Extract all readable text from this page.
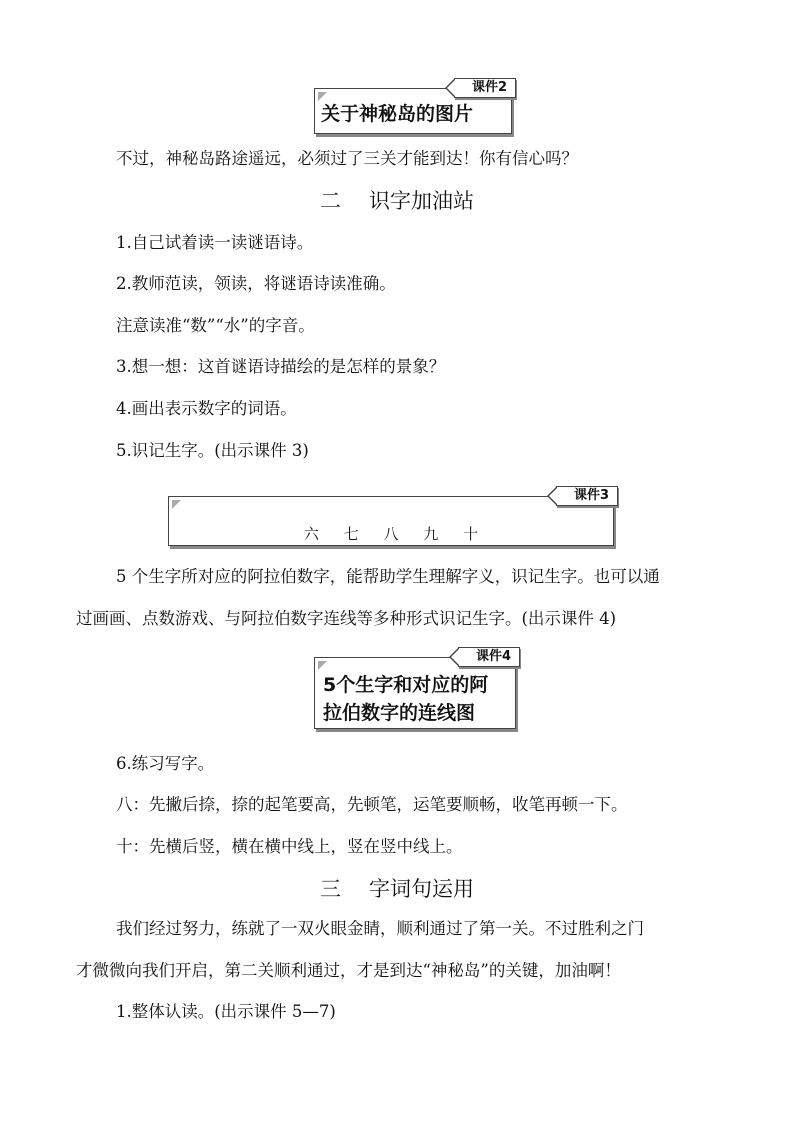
关于神秘岛的图片
课件2

不过，神秘岛路途遥远，必须过了三关才能到达！你有信心吗？

二 识字加油站

1.自己试着读一读谜语诗。

2.教师范读，领读，将谜语诗读准确。

注意读准“数”“水”的字音。

3.想一想：这首谜语诗描绘的是怎样的景象？

4.画出表示数字的词语。

5.识记生字。(出示课件 3)

六 七 八 九 十
课件3

5 个生字所对应的阿拉伯数字，能帮助学生理解字义，识记生字。也可以通

过画画、点数游戏、与阿拉伯数字连线等多种形式识记生字。(出示课件 4)

5个生字和对应的阿
拉伯数字的连线图
课件4

6.练习写字。

八：先撇后捺，捺的起笔要高，先顿笔，运笔要顺畅，收笔再顿一下。

十：先横后竖，横在横中线上，竖在竖中线上。

三 字词句运用

我们经过努力，练就了一双火眼金睛，顺利通过了第一关。不过胜利之门

才微微向我们开启，第二关顺利通过，才是到达“神秘岛”的关键，加油啊！

1.整体认读。(出示课件 5—7)
